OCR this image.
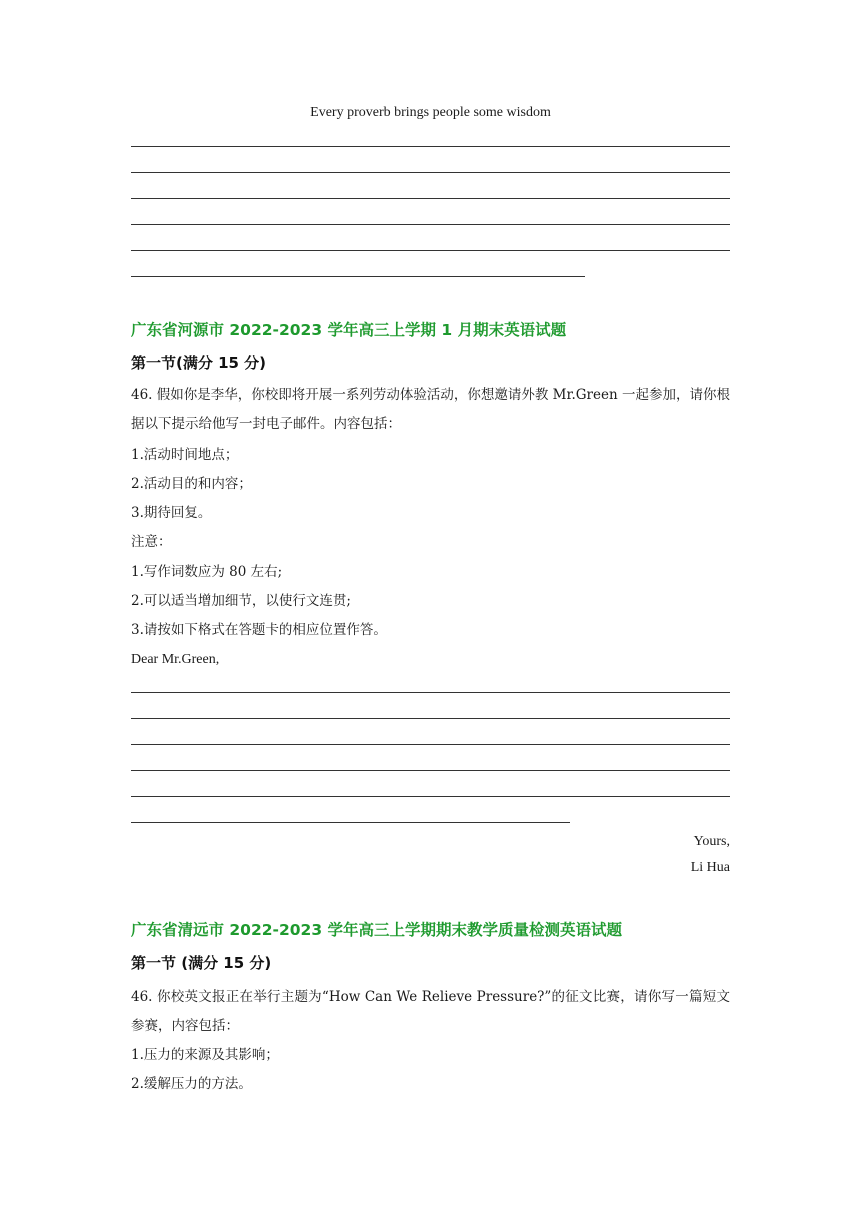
Every proverb brings people some wisdom
广东省河源市 2022-2023 学年高三上学期 1 月期末英语试题
第一节(满分 15 分)
46. 假如你是李华，你校即将开展一系列劳动体验活动，你想邀请外教 Mr.Green 一起参加，请你根据以下提示给他写一封电子邮件。内容包括：
1.活动时间地点；
2.活动目的和内容；
3.期待回复。
注意：
1.写作词数应为 80 左右;
2.可以适当增加细节，以使行文连贯;
3.请按如下格式在答题卡的相应位置作答。
Dear Mr.Green,
Yours,
Li Hua
广东省清远市 2022-2023 学年高三上学期期末教学质量检测英语试题
第一节 (满分 15 分)
46. 你校英文报正在举行主题为“How Can We Relieve Pressure?”的征文比赛，请你写一篇短文参赛，内容包括：
1.压力的来源及其影响；
2.缓解压力的方法。
